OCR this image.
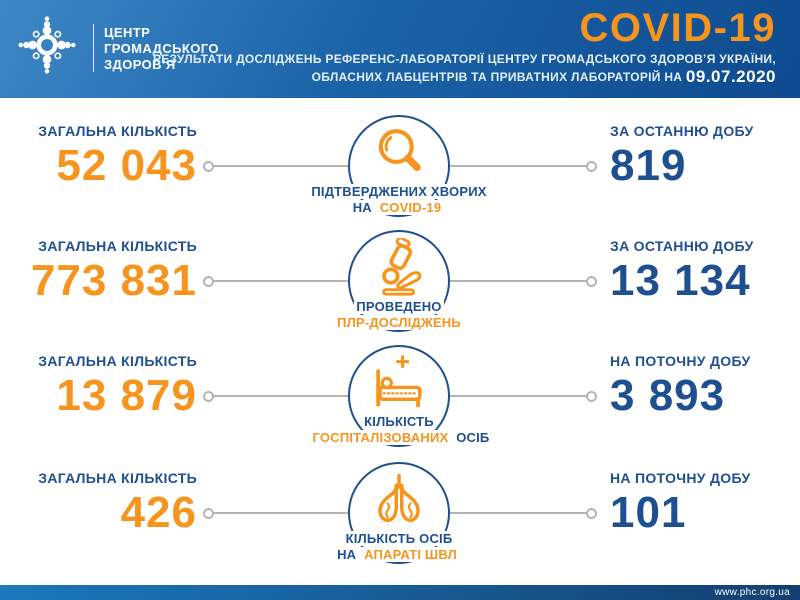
ЦЕНТР
ГРОМАДСЬКОГО
ЗДОРОВ’Я
COVID-19
РЕЗУЛЬТАТИ ДОСЛІДЖЕНЬ РЕФЕРЕНС-ЛАБОРАТОРІЇ ЦЕНТРУ ГРОМАДСЬКОГО ЗДОРОВ’Я УКРАЇНИ,
ОБЛАСНИХ ЛАБЦЕНТРІВ ТА ПРИВАТНИХ ЛАБОРАТОРІЙ НА 09.07.2020
ЗАГАЛЬНА КІЛЬКІСТЬ
52 043
ПІДТВЕРДЖЕНИХ ХВОРИХ
НА COVID-19
ЗА ОСТАННЮ ДОБУ
819
ЗАГАЛЬНА КІЛЬКІСТЬ
773 831
ПРОВЕДЕНО
ПЛР-ДОСЛІДЖЕНЬ
ЗА ОСТАННЮ ДОБУ
13 134
ЗАГАЛЬНА КІЛЬКІСТЬ
13 879
КІЛЬКІСТЬ
ГОСПІТАЛІЗОВАНИХ ОСІБ
НА ПОТОЧНУ ДОБУ
3 893
ЗАГАЛЬНА КІЛЬКІСТЬ
426
КІЛЬКІСТЬ ОСІБ
НА АПАРАТІ ШВЛ
НА ПОТОЧНУ ДОБУ
101
www.phc.org.ua
